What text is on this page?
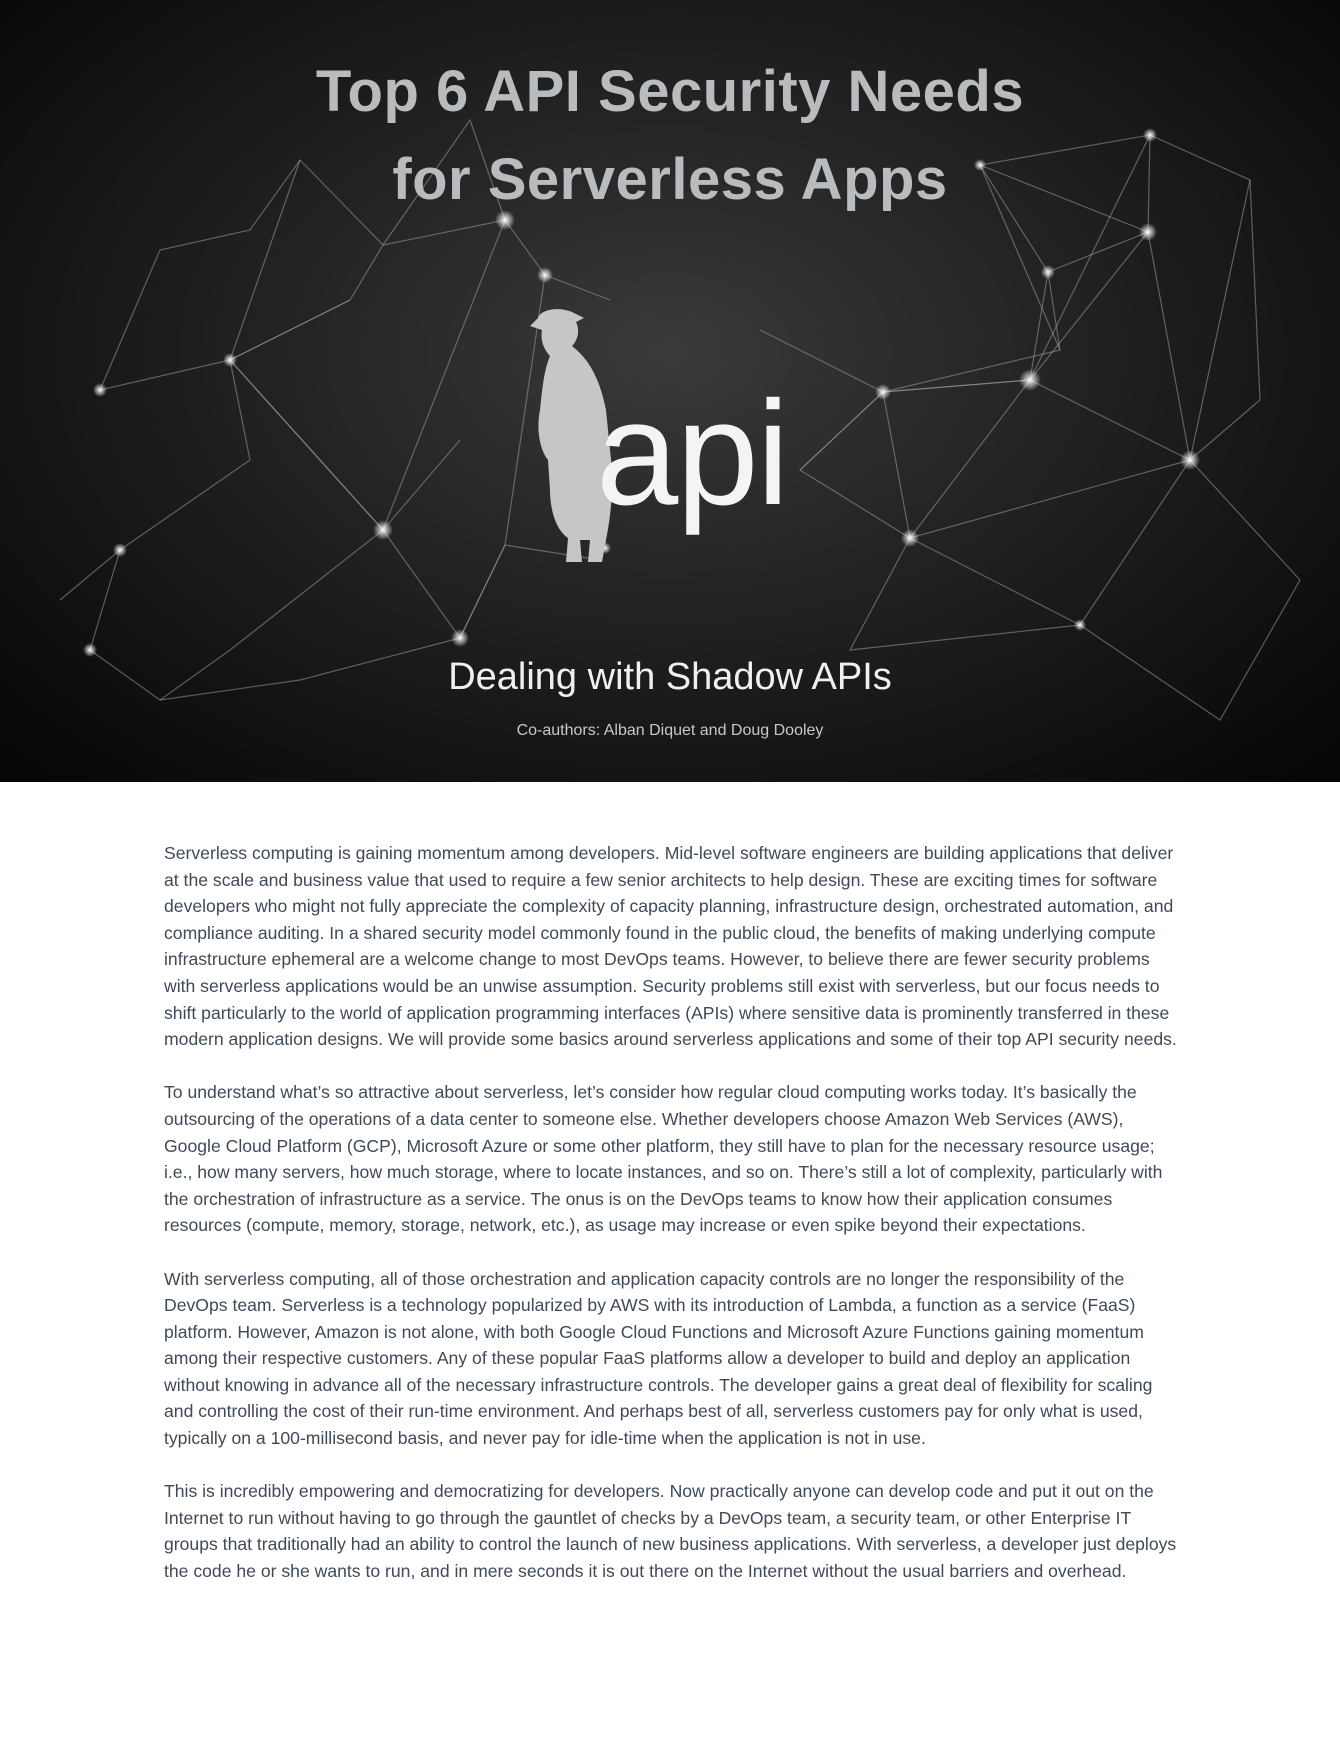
Top 6 API Security Needs
for Serverless Apps
api
Dealing with Shadow APIs
Co-authors: Alban Diquet and Doug Dooley

Serverless computing is gaining momentum among developers. Mid-level software engineers are building applications that deliver at the scale and business value that used to require a few senior architects to help design. These are exciting times for software developers who might not fully appreciate the complexity of capacity planning, infrastructure design, orchestrated automation, and compliance auditing. In a shared security model commonly found in the public cloud, the benefits of making underlying compute infrastructure ephemeral are a welcome change to most DevOps teams. However, to believe there are fewer security problems with serverless applications would be an unwise assumption. Security problems still exist with serverless, but our focus needs to shift particularly to the world of application programming interfaces (APIs) where sensitive data is prominently transferred in these modern application designs. We will provide some basics around serverless applications and some of their top API security needs.

To understand what’s so attractive about serverless, let’s consider how regular cloud computing works today. It’s basically the outsourcing of the operations of a data center to someone else. Whether developers choose Amazon Web Services (AWS), Google Cloud Platform (GCP), Microsoft Azure or some other platform, they still have to plan for the necessary resource usage; i.e., how many servers, how much storage, where to locate instances, and so on. There’s still a lot of complexity, particularly with the orchestration of infrastructure as a service. The onus is on the DevOps teams to know how their application consumes resources (compute, memory, storage, network, etc.), as usage may increase or even spike beyond their expectations.

With serverless computing, all of those orchestration and application capacity controls are no longer the responsibility of the DevOps team. Serverless is a technology popularized by AWS with its introduction of Lambda, a function as a service (FaaS) platform. However, Amazon is not alone, with both Google Cloud Functions and Microsoft Azure Functions gaining momentum among their respective customers. Any of these popular FaaS platforms allow a developer to build and deploy an application without knowing in advance all of the necessary infrastructure controls. The developer gains a great deal of flexibility for scaling and controlling the cost of their run-time environment. And perhaps best of all, serverless customers pay for only what is used, typically on a 100-millisecond basis, and never pay for idle-time when the application is not in use.

This is incredibly empowering and democratizing for developers. Now practically anyone can develop code and put it out on the Internet to run without having to go through the gauntlet of checks by a DevOps team, a security team, or other Enterprise IT groups that traditionally had an ability to control the launch of new business applications. With serverless, a developer just deploys the code he or she wants to run, and in mere seconds it is out there on the Internet without the usual barriers and overhead.
